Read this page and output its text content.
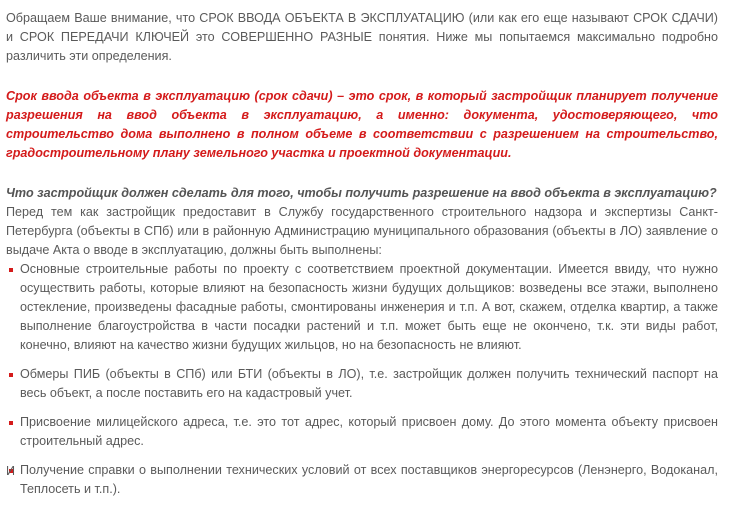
Обращаем Ваше внимание, что СРОК ВВОДА ОБЪЕКТА В ЭКСПЛУАТАЦИЮ (или как его еще называют СРОК СДАЧИ) и СРОК ПЕРЕДАЧИ КЛЮЧЕЙ это СОВЕРШЕННО РАЗНЫЕ понятия. Ниже мы попытаемся максимально подробно различить эти определения.

Срок ввода объекта в эксплуатацию (срок сдачи) – это срок, в который застройщик планирует получение разрешения на ввод объекта в эксплуатацию, а именно: документа, удостоверяющего, что строительство дома выполнено в полном объеме в соответствии с разрешением на строительство, градостроительному плану земельного участка и проектной документации.

Что застройщик должен сделать для того, чтобы получить разрешение на ввод объекта в эксплуатацию?

Перед тем как застройщик предоставит в Службу государственного строительного надзора и экспертизы Санкт-Петербурга (объекты в СПб) или в районную Администрацию муниципального образования (объекты в ЛО) заявление о выдаче Акта о вводе в эксплуатацию, должны быть выполнены:

Основные строительные работы по проекту с соответствием проектной документации. Имеется ввиду, что нужно осуществить работы, которые влияют на безопасность жизни будущих дольщиков: возведены все этажи, выполнено остекление, произведены фасадные работы, смонтированы инженерия и т.п. А вот, скажем, отделка квартир, а также выполнение благоустройства в части посадки растений и т.п. может быть еще не окончено, т.к. эти виды работ, конечно, влияют на качество жизни будущих жильцов, но на безопасность не влияют.
Обмеры ПИБ (объекты в СПб) или БТИ (объекты в ЛО), т.е. застройщик должен получить технический паспорт на весь объект, а после поставить его на кадастровый учет.
Присвоение милицейского адреса, т.е. это тот адрес, который присвоен дому. До этого момента объекту присвоен строительный адрес.
Получение справки о выполнении технических условий от всех поставщиков энергоресурсов (Ленэнерго, Водоканал, Теплосеть и т.п.).
И
